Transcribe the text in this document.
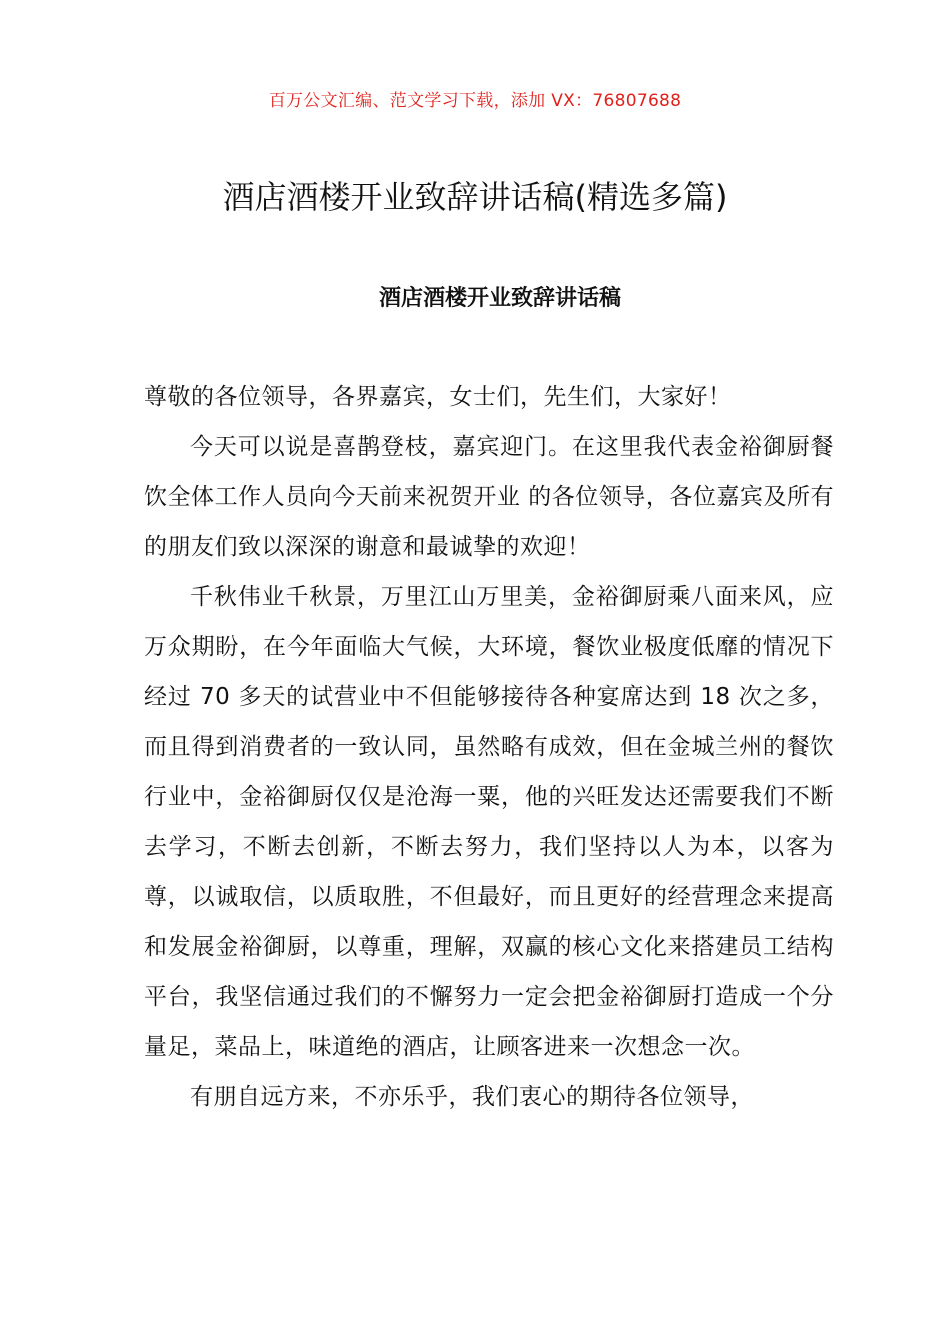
百万公文汇编、范文学习下载，添加 VX：76807688
酒店酒楼开业致辞讲话稿(精选多篇)
酒店酒楼开业致辞讲话稿

尊敬的各位领导，各界嘉宾，女士们，先生们，大家好！

今天可以说是喜鹊登枝，嘉宾迎门。在这里我代表金裕御厨餐饮全体工作人员向今天前来祝贺开业 的各位领导，各位嘉宾及所有的朋友们致以深深的谢意和最诚挚的欢迎！

千秋伟业千秋景，万里江山万里美，金裕御厨乘八面来风，应万众期盼，在今年面临大气候，大环境，餐饮业极度低靡的情况下经过 70 多天的试营业中不但能够接待各种宴席达到 18 次之多，而且得到消费者的一致认同，虽然略有成效，但在金城兰州的餐饮行业中，金裕御厨仅仅是沧海一粟，他的兴旺发达还需要我们不断去学习，不断去创新，不断去努力，我们坚持以人为本，以客为尊，以诚取信，以质取胜，不但最好，而且更好的经营理念来提高和发展金裕御厨，以尊重，理解，双赢的核心文化来搭建员工结构平台，我坚信通过我们的不懈努力一定会把金裕御厨打造成一个分量足，菜品上，味道绝的酒店，让顾客进来一次想念一次。

有朋自远方来，不亦乐乎，我们衷心的期待各位领导，
